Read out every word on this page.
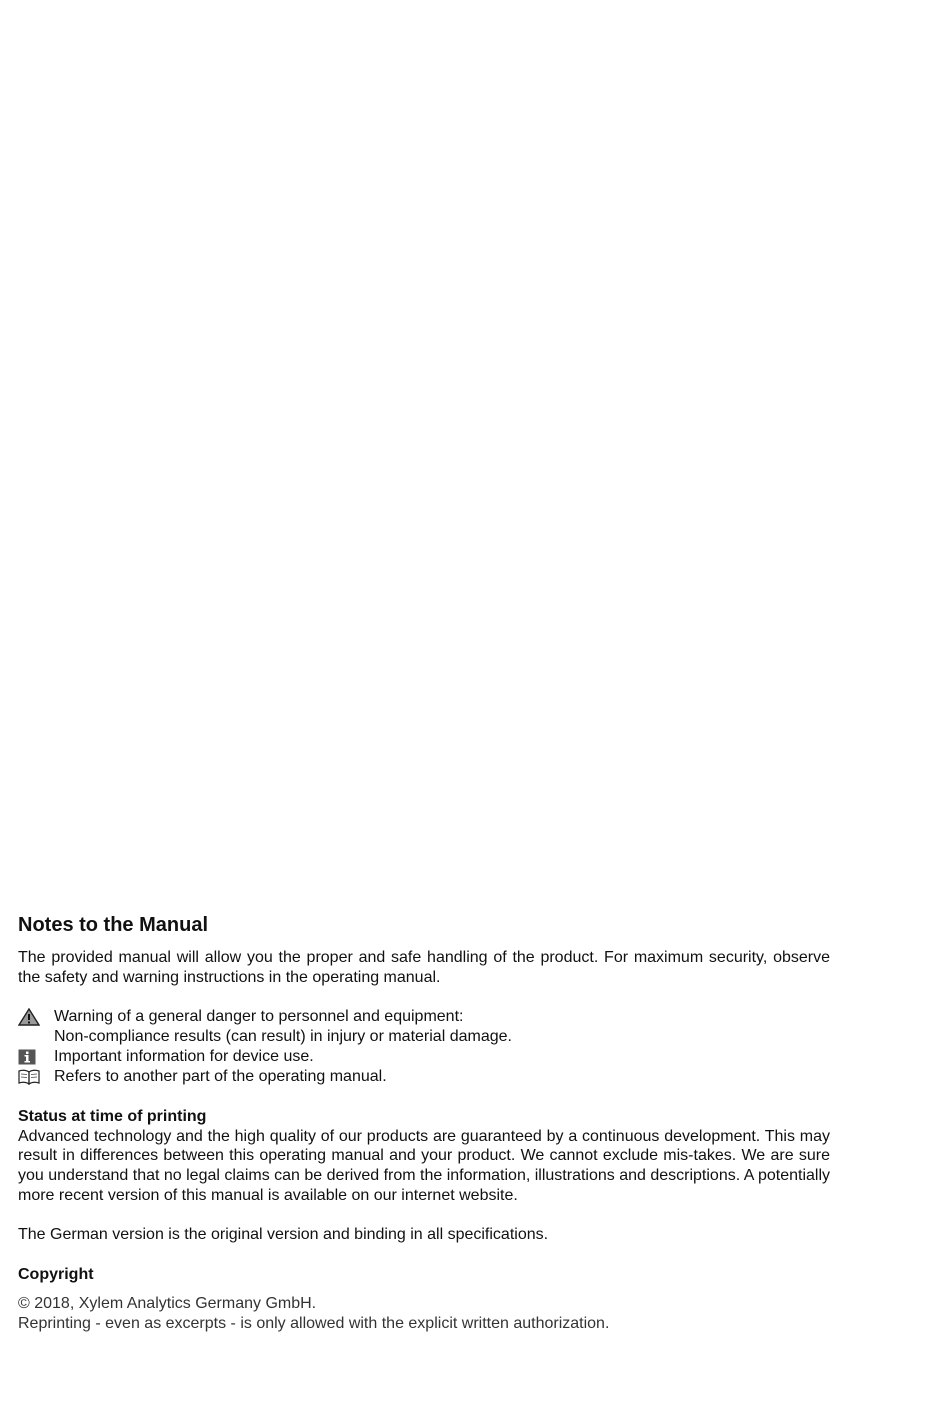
Notes to the Manual

The provided manual will allow you the proper and safe handling of the product. For maximum security, observe the safety and warning instructions in the operating manual.

Warning of a general danger to personnel and equipment:
Non-compliance results (can result) in injury or material damage.
Important information for device use.
Refers to another part of the operating manual.

Status at time of printing

Advanced technology and the high quality of our products are guaranteed by a continuous development. This may result in differences between this operating manual and your product. We cannot exclude mis-takes. We are sure you understand that no legal claims can be derived from the information, illustrations and descriptions. A potentially more recent version of this manual is available on our internet website.

The German version is the original version and binding in all specifications.

Copyright

© 2018, Xylem Analytics Germany GmbH.

Reprinting - even as excerpts - is only allowed with the explicit written authorization.
